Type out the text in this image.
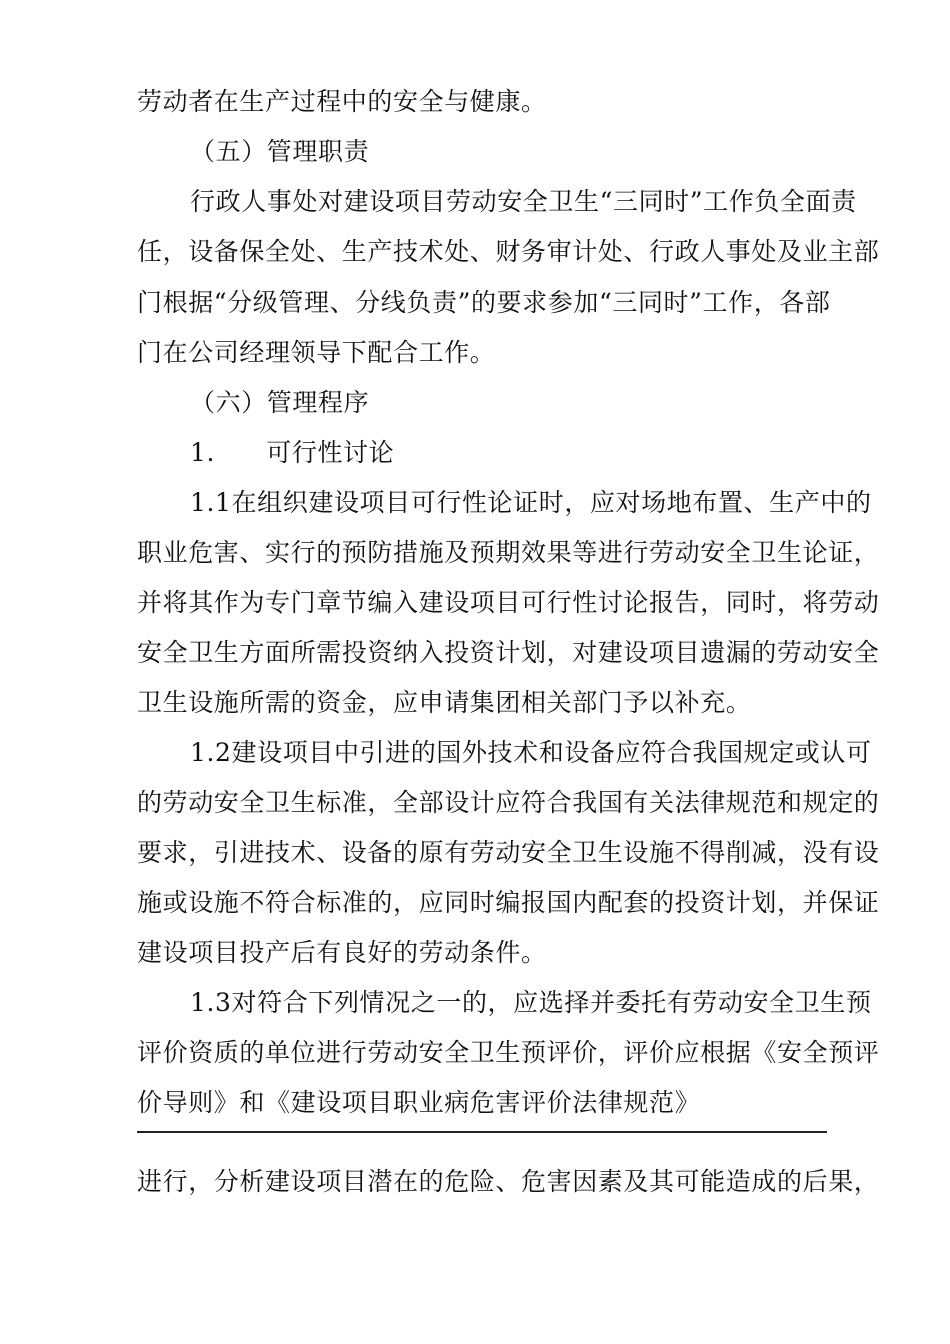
劳动者在生产过程中的安全与健康。
（五）管理职责
行政人事处对建设项目劳动安全卫生“三同时”工作负全面责
任，设备保全处、生产技术处、财务审计处、行政人事处及业主部
门根据“分级管理、分线负责”的要求参加“三同时”工作，各部
门在公司经理领导下配合工作。
（六）管理程序
1.　　可行性讨论
1.1在组织建设项目可行性论证时，应对场地布置、生产中的
职业危害、实行的预防措施及预期效果等进行劳动安全卫生论证，
并将其作为专门章节编入建设项目可行性讨论报告，同时，将劳动
安全卫生方面所需投资纳入投资计划，对建设项目遗漏的劳动安全
卫生设施所需的资金，应申请集团相关部门予以补充。
1.2建设项目中引进的国外技术和设备应符合我国规定或认可
的劳动安全卫生标准，全部设计应符合我国有关法律规范和规定的
要求，引进技术、设备的原有劳动安全卫生设施不得削减，没有设
施或设施不符合标准的，应同时编报国内配套的投资计划，并保证
建设项目投产后有良好的劳动条件。
1.3对符合下列情况之一的，应选择并委托有劳动安全卫生预
评价资质的单位进行劳动安全卫生预评价，评价应根据《安全预评
价导则》和《建设项目职业病危害评价法律规范》
进行，分析建设项目潜在的危险、危害因素及其可能造成的后果，
